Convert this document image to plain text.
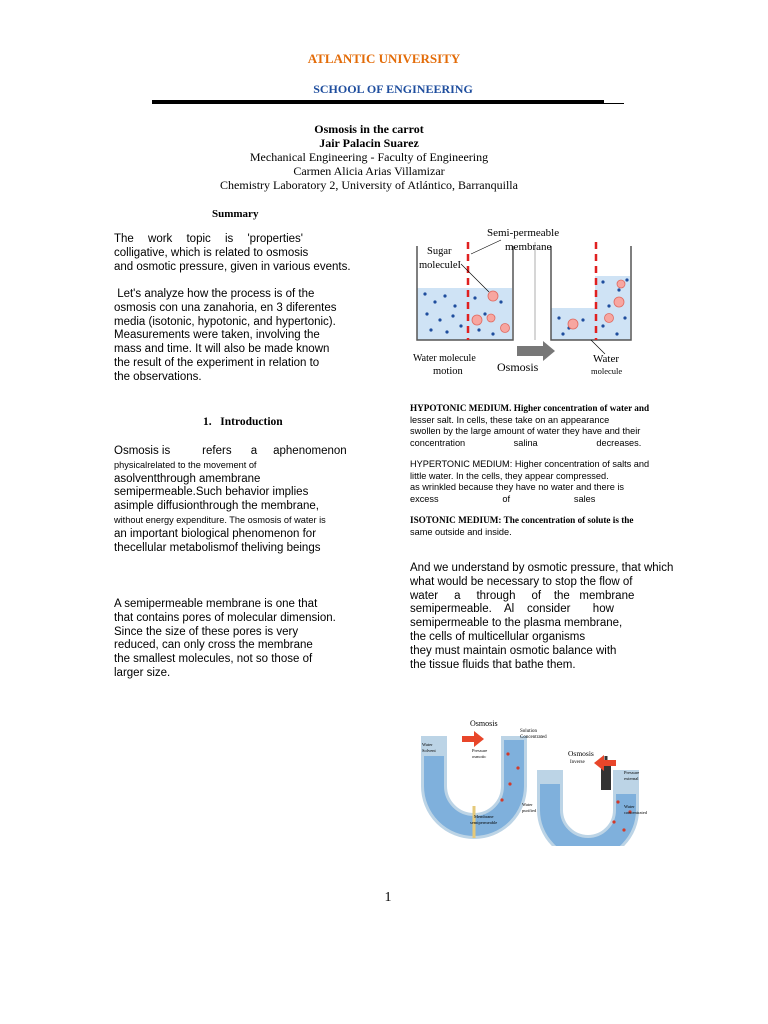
ATLANTIC UNIVERSITY
SCHOOL OF ENGINEERING
Osmosis in the carrot
Jair Palacin Suarez
Mechanical Engineering - Faculty of Engineering
Carmen Alicia Arias Villamizar
Chemistry Laboratory 2, University of Atlántico, Barranquilla
Summary
The work topic is 'properties'
colligative, which is related to osmosis
and osmotic pressure, given in various events.
Let's analyze how the process is of the
osmosis con una zanahoria, en 3 diferentes
media (isotonic, hypotonic, and hypertonic).
Measurements were taken, involving the
mass and time. It will also be made known
the result of the experiment in relation to
the observations.
1.   Introduction
Osmosis is          refers      a     aphenomenon
physicalrelated to the movement of
asolventthrough amembrane
semipermeable.Such behavior implies
asimple diffusionthrough the membrane,
without energy expenditure. The osmosis of water is
an important biological phenomenon for
thecellular metabolismof theliving beings
A semipermeable membrane is one that
that contains pores of molecular dimension.
Since the size of these pores is very
reduced, can only cross the membrane
the smallest molecules, not so those of
larger size.
Semi-permeable
membrane
Sugar
moleculeI
Water molecule
motion	Osmosis
Water
molecule
HYPOTONIC MEDIUM. Higher concentration of water and
lesser salt. In cells, these take on an appearance
swollen by the large amount of water they have and their
concentration                   salina                       decreases.
HYPERTONIC MEDIUM: Higher concentration of salts and
little water. In the cells, they appear compressed.
as wrinkled because they have no water and there is
excess                         of                         sales
ISOTONIC MEDIUM: The concentration of solute is the
same outside and inside.
And we understand by osmotic pressure, that which
what would be necessary to stop the flow of
water     a     through     of    the   membrane
semipermeable.    Al    consider       how
semipermeable to the plasma membrane,
the cells of multicellular organisms
they must maintain osmotic balance with
the tissue fluids that bathe them.
Osmosis
Solution
Concentrated
Water
Solvent	Pressure
osmotic
Membrane
semipermeable
Osmosis
Inverse
Pressure
external
Water
purified
Water
concentrated
1
